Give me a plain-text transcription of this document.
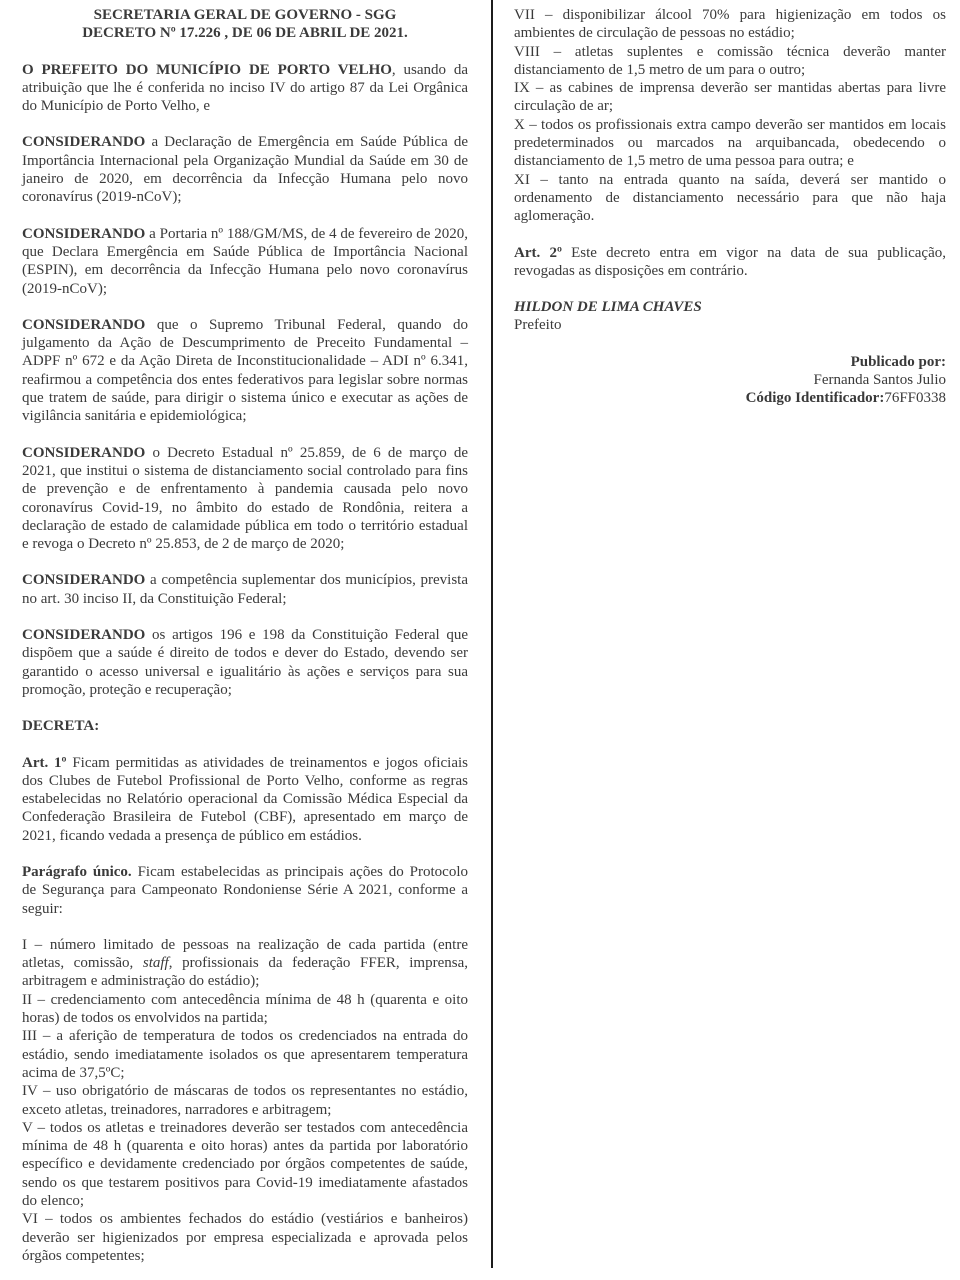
SECRETARIA GERAL DE GOVERNO - SGG
DECRETO Nº 17.226 , DE 06 DE ABRIL DE 2021.

O PREFEITO DO MUNICÍPIO DE PORTO VELHO, usando da atribuição que lhe é conferida no inciso IV do artigo 87 da Lei Orgânica do Município de Porto Velho, e

CONSIDERANDO a Declaração de Emergência em Saúde Pública de Importância Internacional pela Organização Mundial da Saúde em 30 de janeiro de 2020, em decorrência da Infecção Humana pelo novo coronavírus (2019-nCoV);

CONSIDERANDO a Portaria nº 188/GM/MS, de 4 de fevereiro de 2020, que Declara Emergência em Saúde Pública de Importância Nacional (ESPIN), em decorrência da Infecção Humana pelo novo coronavírus (2019-nCoV);

CONSIDERANDO que o Supremo Tribunal Federal, quando do julgamento da Ação de Descumprimento de Preceito Fundamental – ADPF nº 672 e da Ação Direta de Inconstitucionalidade – ADI nº 6.341, reafirmou a competência dos entes federativos para legislar sobre normas que tratem de saúde, para dirigir o sistema único e executar as ações de vigilância sanitária e epidemiológica;

CONSIDERANDO o Decreto Estadual nº 25.859, de 6 de março de 2021, que institui o sistema de distanciamento social controlado para fins de prevenção e de enfrentamento à pandemia causada pelo novo coronavírus Covid-19, no âmbito do estado de Rondônia, reitera a declaração de estado de calamidade pública em todo o território estadual e revoga o Decreto nº 25.853, de 2 de março de 2020;

CONSIDERANDO a competência suplementar dos municípios, prevista no art. 30 inciso II, da Constituição Federal;

CONSIDERANDO os artigos 196 e 198 da Constituição Federal que dispõem que a saúde é direito de todos e dever do Estado, devendo ser garantido o acesso universal e igualitário às ações e serviços para sua promoção, proteção e recuperação;

DECRETA:

Art. 1º Ficam permitidas as atividades de treinamentos e jogos oficiais dos Clubes de Futebol Profissional de Porto Velho, conforme as regras estabelecidas no Relatório operacional da Comissão Médica Especial da Confederação Brasileira de Futebol (CBF), apresentado em março de 2021, ficando vedada a presença de público em estádios.

Parágrafo único. Ficam estabelecidas as principais ações do Protocolo de Segurança para Campeonato Rondoniense Série A 2021, conforme a seguir:

I – número limitado de pessoas na realização de cada partida (entre atletas, comissão, staff, profissionais da federação FFER, imprensa, arbitragem e administração do estádio);
II – credenciamento com antecedência mínima de 48 h (quarenta e oito horas) de todos os envolvidos na partida;
III – a aferição de temperatura de todos os credenciados na entrada do estádio, sendo imediatamente isolados os que apresentarem temperatura acima de 37,5ºC;
IV – uso obrigatório de máscaras de todos os representantes no estádio, exceto atletas, treinadores, narradores e arbitragem;
V – todos os atletas e treinadores deverão ser testados com antecedência mínima de 48 h (quarenta e oito horas) antes da partida por laboratório específico e devidamente credenciado por órgãos competentes de saúde, sendo os que testarem positivos para Covid-19 imediatamente afastados do elenco;
VI – todos os ambientes fechados do estádio (vestiários e banheiros) deverão ser higienizados por empresa especializada e aprovada pelos órgãos competentes;
VII – disponibilizar álcool 70% para higienização em todos os ambientes de circulação de pessoas no estádio;
VIII – atletas suplentes e comissão técnica deverão manter distanciamento de 1,5 metro de um para o outro;
IX – as cabines de imprensa deverão ser mantidas abertas para livre circulação de ar;
X – todos os profissionais extra campo deverão ser mantidos em locais predeterminados ou marcados na arquibancada, obedecendo o distanciamento de 1,5 metro de uma pessoa para outra; e
XI – tanto na entrada quanto na saída, deverá ser mantido o ordenamento de distanciamento necessário para que não haja aglomeração.

Art. 2º Este decreto entra em vigor na data de sua publicação, revogadas as disposições em contrário.

HILDON DE LIMA CHAVES
Prefeito
Publicado por:
Fernanda Santos Julio
Código Identificador:76FF0338
